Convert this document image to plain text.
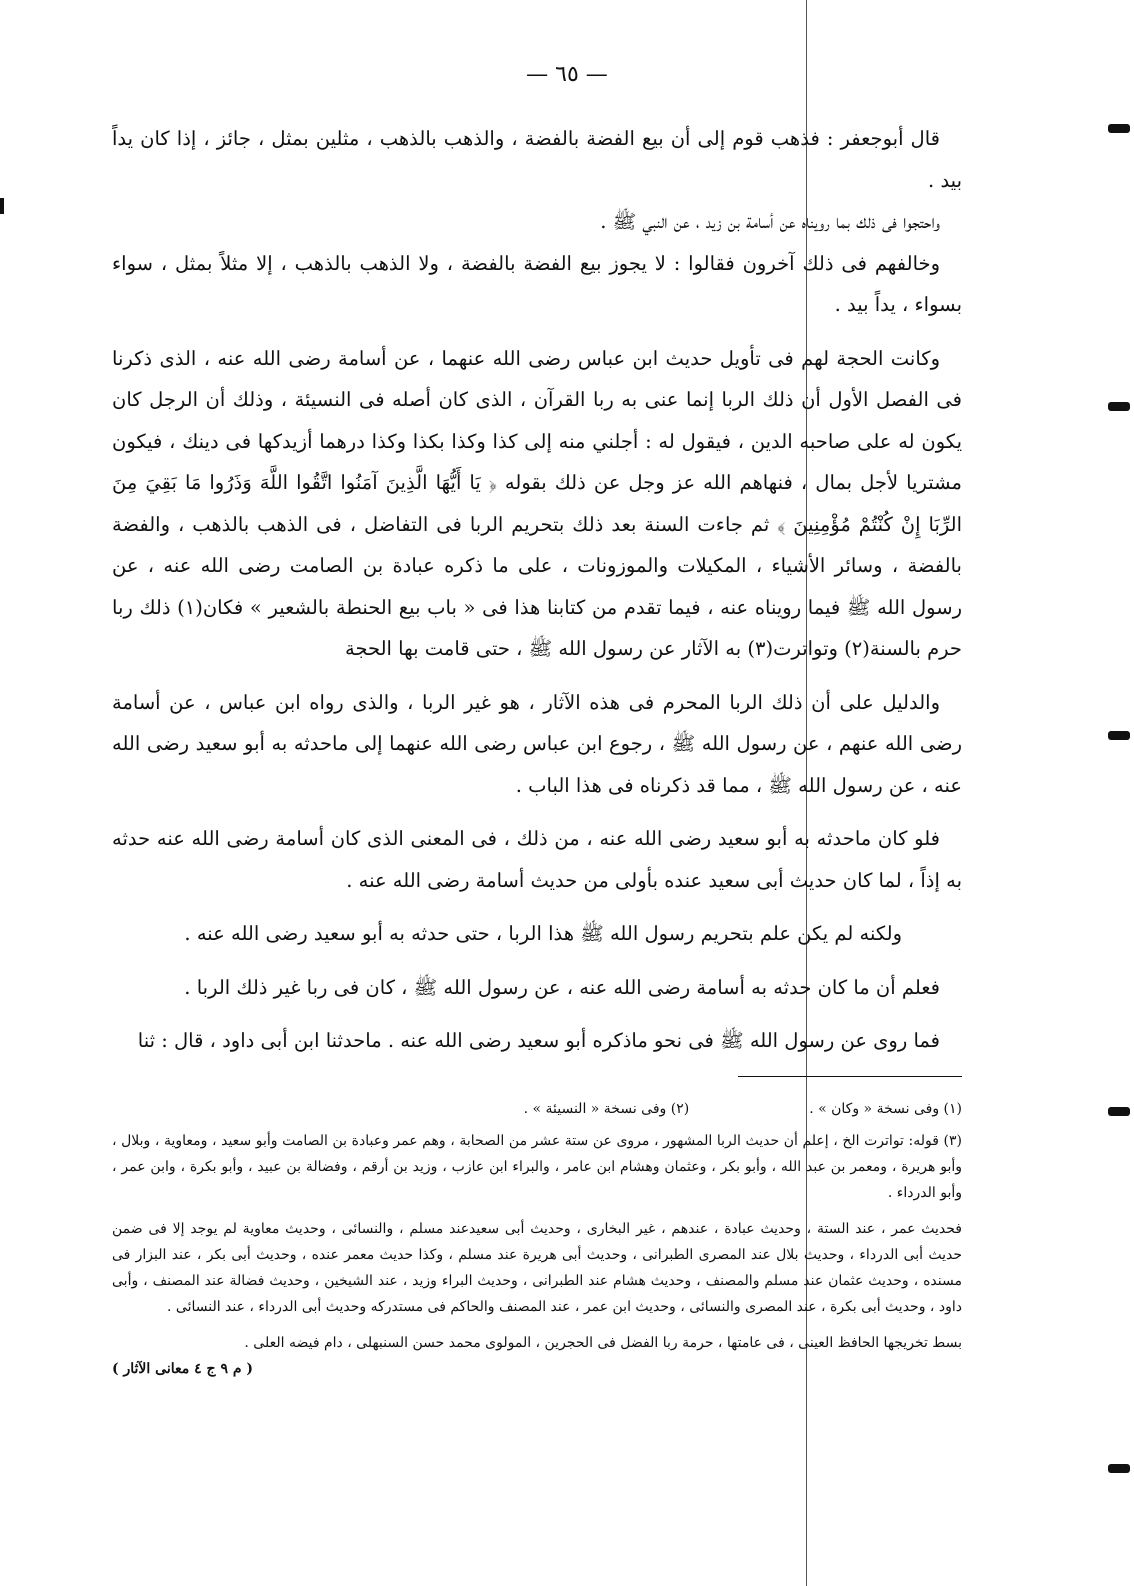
— ٦٥ —

قال أبوجعفر : فذهب قوم إلى أن بيع الفضة بالفضة ، والذهب بالذهب ، مثلين بمثل ، جائز ، إذا كان يداً بيد .

واحتجوا فى ذلك بما رويناه عن أسامة بن زيد ، عن النبي ﷺ .

وخالفهم فى ذلك آخرون فقالوا : لا يجوز بيع الفضة بالفضة ، ولا الذهب بالذهب ، إلا مثلاً بمثل ، سواء بسواء ، يداً بيد .

وكانت الحجة لهم فى تأويل حديث ابن عباس رضى الله عنهما ، عن أسامة رضى الله عنه ، الذى ذكرنا فى الفصل الأول أن ذلك الربا إنما عنى به ربا القرآن ، الذى كان أصله فى النسيئة ، وذلك أن الرجل كان يكون له على صاحبه الدين ، فيقول له : أجلني منه إلى كذا وكذا بكذا وكذا درهما أزيدكها فى دينك ، فيكون مشتريا لأجل بمال ، فنهاهم الله عز وجل عن ذلك بقوله ﴿ يَا أَيُّهَا الَّذِينَ آمَنُوا اتَّقُوا اللَّهَ وَذَرُوا مَا بَقِيَ مِنَ الرِّبَا إِنْ كُنْتُمْ مُؤْمِنِينَ ﴾ ثم جاءت السنة بعد ذلك بتحريم الربا فى التفاضل ، فى الذهب بالذهب ، والفضة بالفضة ، وسائر الأشياء ، المكيلات والموزونات ، على ما ذكره عبادة بن الصامت رضى الله عنه ، عن رسول الله ﷺ فيما رويناه عنه ، فيما تقدم من كتابنا هذا فى « باب بيع الحنطة بالشعير » فكان(١) ذلك ربا حرم بالسنة(٢) وتواترت(٣) به الآثار عن رسول الله ﷺ ، حتى قامت بها الحجة

والدليل على أن ذلك الربا المحرم فى هذه الآثار ، هو غير الربا ، والذى رواه ابن عباس ، عن أسامة رضى الله عنهم ، عن رسول الله ﷺ ، رجوع ابن عباس رضى الله عنهما إلى ماحدثه به أبو سعيد رضى الله عنه ، عن رسول الله ﷺ ، مما قد ذكرناه فى هذا الباب .

فلو كان ماحدثه به أبو سعيد رضى الله عنه ، من ذلك ، فى المعنى الذى كان أسامة رضى الله عنه حدثه به إذاً ، لما كان حديث أبى سعيد عنده بأولى من حديث أسامة رضى الله عنه .

ولكنه لم يكن علم بتحريم رسول الله ﷺ هذا الربا ، حتى حدثه به أبو سعيد رضى الله عنه .

فعلم أن ما كان حدثه به أسامة رضى الله عنه ، عن رسول الله ﷺ ، كان فى ربا غير ذلك الربا .

فما روى عن رسول الله ﷺ فى نحو ماذكره أبو سعيد رضى الله عنه . ماحدثنا ابن أبى داود ، قال : ثنا

(١) وفى نسخة « وكان » .
(٢) وفى نسخة « النسيئة » .

(٣) قوله: تواترت الخ ، إعلم أن حديث الربا المشهور ، مروى عن ستة عشر من الصحابة ، وهم عمر وعبادة بن الصامت وأبو سعيد ، ومعاوية ، وبلال ، وأبو هريرة ، ومعمر بن عبد الله ، وأبو بكر ، وعثمان وهشام ابن عامر ، والبراء ابن عازب ، وزيد بن أرقم ، وفضالة بن عبيد ، وأبو بكرة ، وابن عمر ، وأبو الدرداء .

فحديث عمر ، عند الستة ، وحديث عبادة ، عندهم ، غير البخارى ، وحديث أبى سعيدعند مسلم ، والنسائى ، وحديث معاوية لم يوجد إلا فى ضمن حديث أبى الدرداء ، وحديث بلال عند المصرى الطبرانى ، وحديث أبى هريرة عند مسلم ، وكذا حديث معمر عنده ، وحديث أبى بكر ، عند البزار فى مسنده ، وحديث عثمان عند مسلم والمصنف ، وحديث هشام عند الطبرانى ، وحديث البراء وزيد ، عند الشيخين ، وحديث فضالة عند المصنف ، وأبى داود ، وحديث أبى بكرة ، عند المصرى والنسائى ، وحديث ابن عمر ، عند المصنف والحاكم فى مستدركه وحديث أبى الدرداء ، عند النسائى .

بسط تخريجها الحافظ العينى ، فى عامتها ، حرمة ربا الفضل فى الحجرين ، المولوى محمد حسن السنبهلى ، دام فيضه العلى .

( م ٩ ج ٤ معانى الآثار )
